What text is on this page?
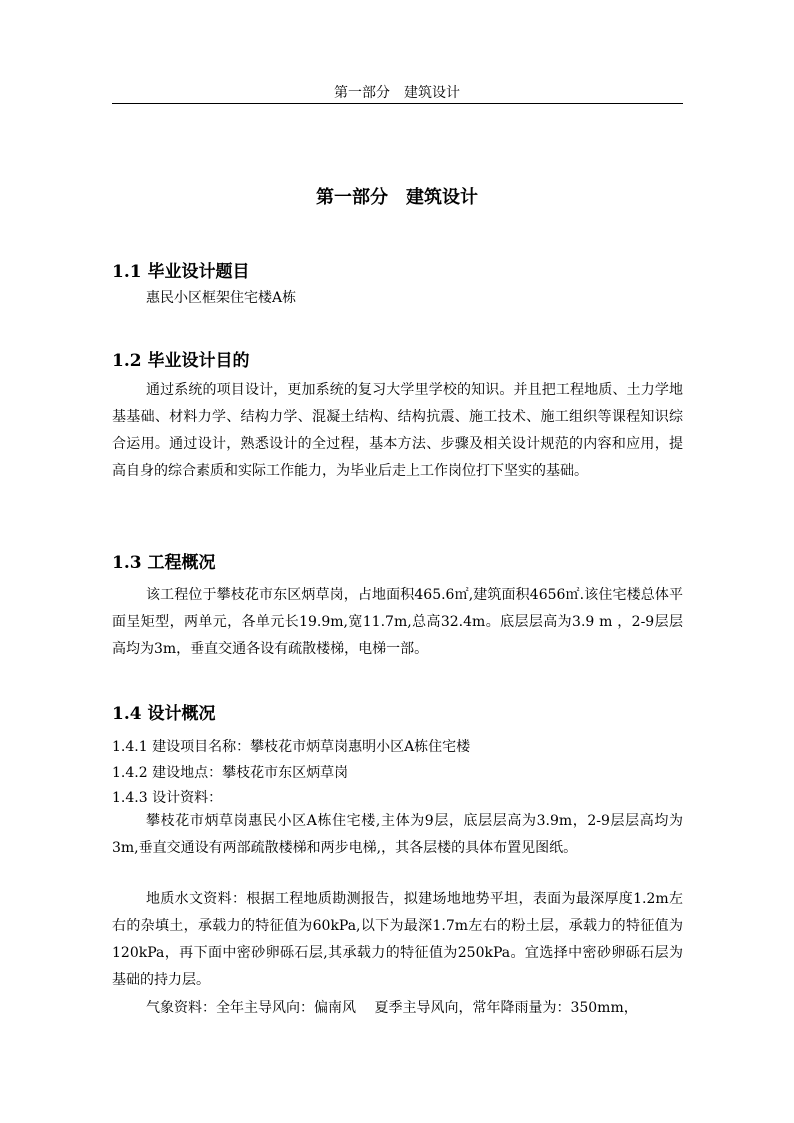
第一部分　建筑设计
第一部分　建筑设计
1.1 毕业设计题目

惠民小区框架住宅楼A栋

1.2 毕业设计目的

通过系统的项目设计，更加系统的复习大学里学校的知识。并且把工程地质、土力学地基基础、材料力学、结构力学、混凝土结构、结构抗震、施工技术、施工组织等课程知识综合运用。通过设计，熟悉设计的全过程，基本方法、步骤及相关设计规范的内容和应用，提高自身的综合素质和实际工作能力，为毕业后走上工作岗位打下坚实的基础。

1.3 工程概况

该工程位于攀枝花市东区炳草岗，占地面积465.6㎡,建筑面积4656㎡.该住宅楼总体平面呈矩型，两单元，各单元长19.9m,宽11.7m,总高32.4m。底层层高为3.9 m ，2-9层层高均为3m，垂直交通各设有疏散楼梯，电梯一部。

1.4 设计概况
1.4.1 建设项目名称：攀枝花市炳草岗惠明小区A栋住宅楼
1.4.2 建设地点：攀枝花市东区炳草岗
1.4.3 设计资料：

攀枝花市炳草岗惠民小区A栋住宅楼,主体为9层，底层层高为3.9m，2-9层层高均为3m,垂直交通设有两部疏散楼梯和两步电梯,，其各层楼的具体布置见图纸。

地质水文资料：根据工程地质勘测报告，拟建场地地势平坦，表面为最深厚度1.2m左右的杂填土，承载力的特征值为60kPa,以下为最深1.7m左右的粉土层，承载力的特征值为120kPa，再下面中密砂卵砾石层,其承载力的特征值为250kPa。宜选择中密砂卵砾石层为基础的持力层。

气象资料：全年主导风向：偏南风　 夏季主导风向，常年降雨量为：350mm，
